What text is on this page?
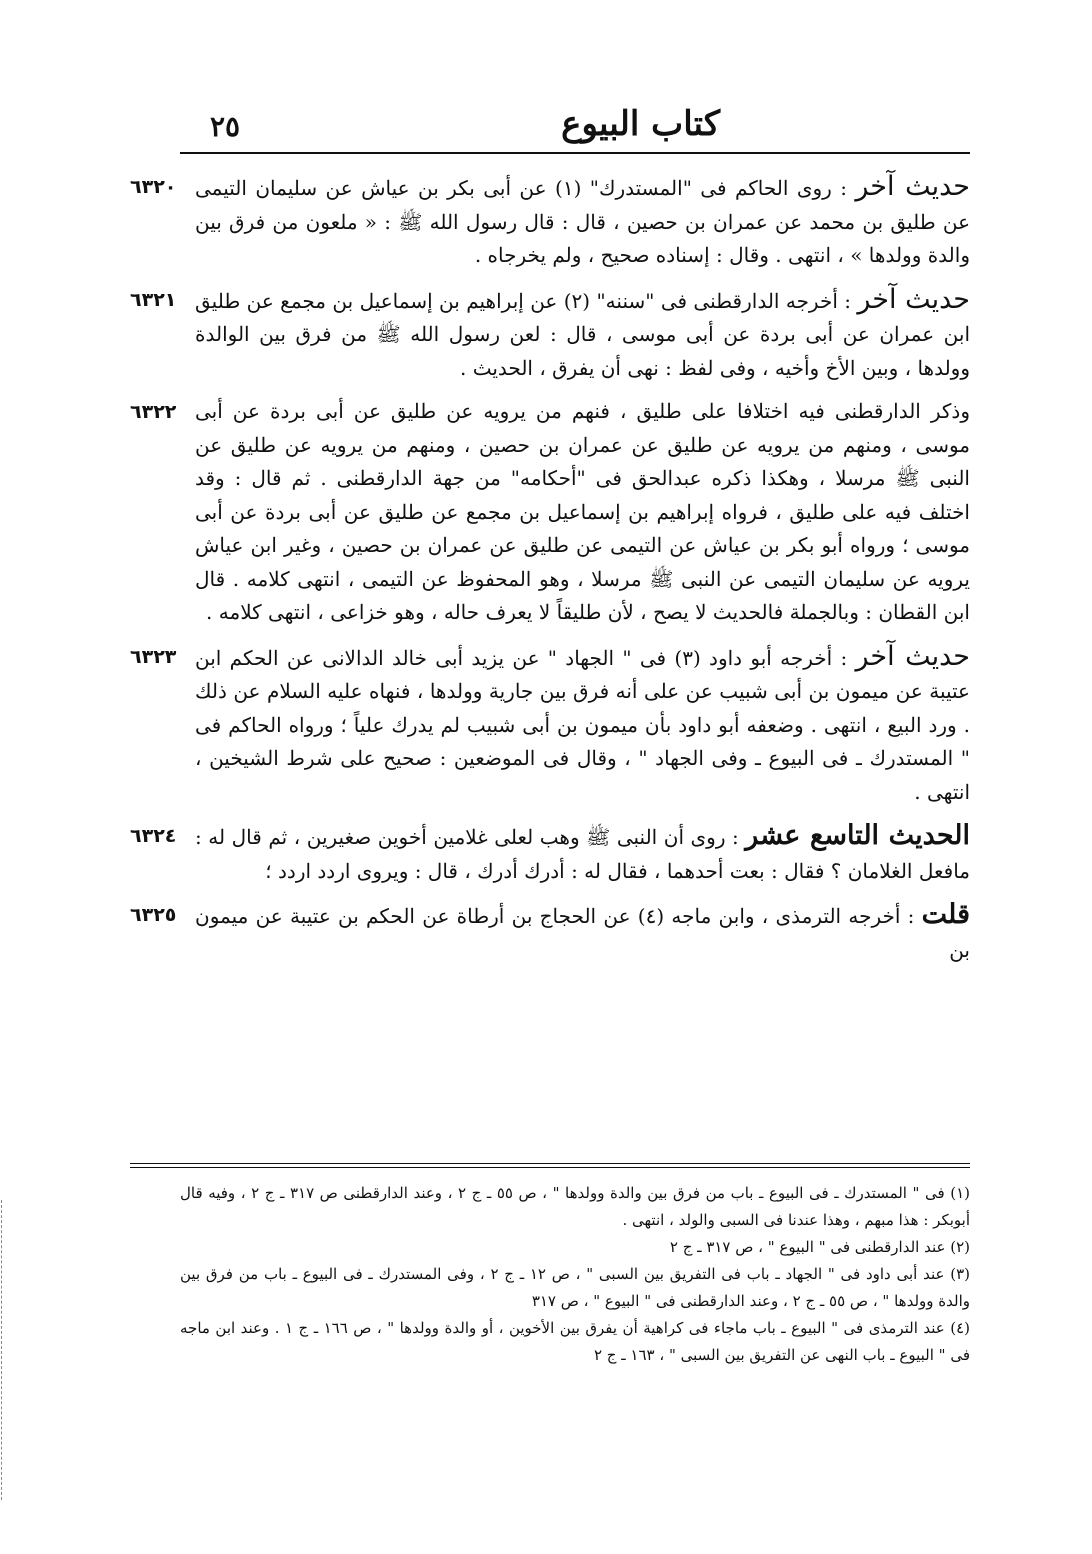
كتاب البيوع
٢٥
حديث آخر : روى الحاكم فى "المستدرك" (١) عن أبى بكر بن عياش عن سليمان التيمى عن طليق بن محمد عن عمران بن حصين ، قال : قال رسول الله ﷺ : « ملعون من فرق بين والدة وولدها » ، انتهى . وقال : إسناده صحيح ، ولم يخرجاه .
٦٣٢٠
حديث آخر : أخرجه الدارقطنى فى "سننه" (٢) عن إبراهيم بن إسماعيل بن مجمع عن طليق ابن عمران عن أبى بردة عن أبى موسى ، قال : لعن رسول الله ﷺ من فرق بين الوالدة وولدها ، وبين الأخ وأخيه ، وفى لفظ : نهى أن يفرق ، الحديث .
٦٣٢١
وذكر الدارقطنى فيه اختلافا على طليق ، فنهم من يرويه عن طليق عن أبى بردة عن أبى موسى ، ومنهم من يرويه عن طليق عن عمران بن حصين ، ومنهم من يرويه عن طليق عن النبى ﷺ مرسلا ، وهكذا ذكره عبدالحق فى "أحكامه" من جهة الدارقطنى . ثم قال : وقد اختلف فيه على طليق ، فرواه إبراهيم بن إسماعيل بن مجمع عن طليق عن أبى بردة عن أبى موسى ؛ ورواه أبو بكر بن عياش عن التيمى عن طليق عن عمران بن حصين ، وغير ابن عياش يرويه عن سليمان التيمى عن النبى ﷺ مرسلا ، وهو المحفوظ عن التيمى ، انتهى كلامه . قال ابن القطان : وبالجملة فالحديث لا يصح ، لأن طليقاً لا يعرف حاله ، وهو خزاعى ، انتهى كلامه .
٦٣٢٢
حديث آخر : أخرجه أبو داود (٣) فى " الجهاد " عن يزيد أبى خالد الدالانى عن الحكم ابن عتيبة عن ميمون بن أبى شبيب عن على أنه فرق بين جارية وولدها ، فنهاه عليه السلام عن ذلك . ورد البيع ، انتهى . وضعفه أبو داود بأن ميمون بن أبى شبيب لم يدرك علياً ؛ ورواه الحاكم فى " المستدرك ـ فى البيوع ـ وفى الجهاد " ، وقال فى الموضعين : صحيح على شرط الشيخين ، انتهى .
٦٣٢٣
الحديث التاسع عشر : روى أن النبى ﷺ وهب لعلى غلامين أخوين صغيرين ، ثم قال له : مافعل الغلامان ؟ فقال : بعت أحدهما ، فقال له : أدرك أدرك ، قال : ويروى اردد اردد ؛
٦٣٢٤
قلت : أخرجه الترمذى ، وابن ماجه (٤) عن الحجاج بن أرطاة عن الحكم بن عتيبة عن ميمون بن
٦٣٢٥

(١) فى " المستدرك ـ فى البيوع ـ باب من فرق بين والدة وولدها " ، ص ٥٥ ـ ج ٢ ، وعند الدارقطنى ص ٣١٧ ـ ج ٢ ، وفيه قال أبوبكر : هذا مبهم ، وهذا عندنا فى السبى والولد ، انتهى .

(٢) عند الدارقطنى فى " البيوع " ، ص ٣١٧ ـ ج ٢

(٣) عند أبى داود فى " الجهاد ـ باب فى التفريق بين السبى " ، ص ١٢ ـ ج ٢ ، وفى المستدرك ـ فى البيوع ـ باب من فرق بين والدة وولدها " ، ص ٥٥ ـ ج ٢ ، وعند الدارقطنى فى " البيوع " ، ص ٣١٧

(٤) عند الترمذى فى " البيوع ـ باب ماجاء فى كراهية أن يفرق بين الأخوين ، أو والدة وولدها " ، ص ١٦٦ ـ ج ١ . وعند ابن ماجه فى " البيوع ـ باب النهى عن التفريق بين السبى " ، ١٦٣ ـ ج ٢
